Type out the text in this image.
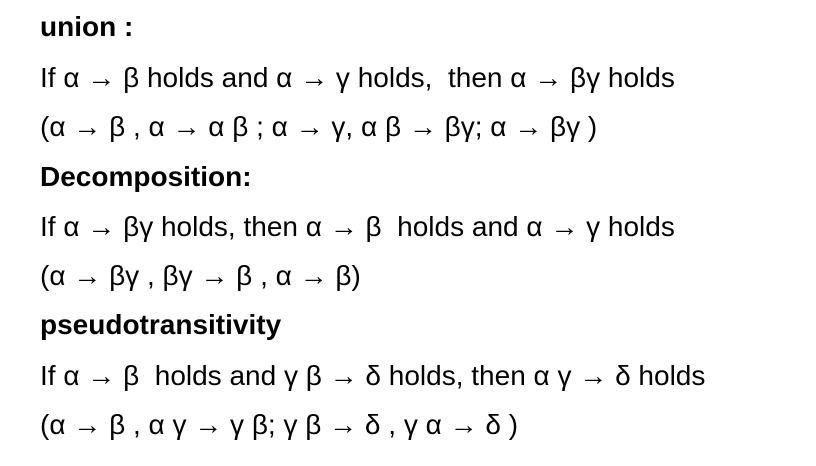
union :
If α → β holds and α → γ holds,  then α → βγ holds
(α → β , α → α β ; α → γ, α β → βγ; α → βγ )
Decomposition:
If α → βγ holds, then α → β  holds and α → γ holds
(α → βγ , βγ → β , α → β)
pseudotransitivity
If α → β  holds and γ β → δ holds, then α γ → δ holds
(α → β , α γ → γ β; γ β → δ , γ α → δ )
